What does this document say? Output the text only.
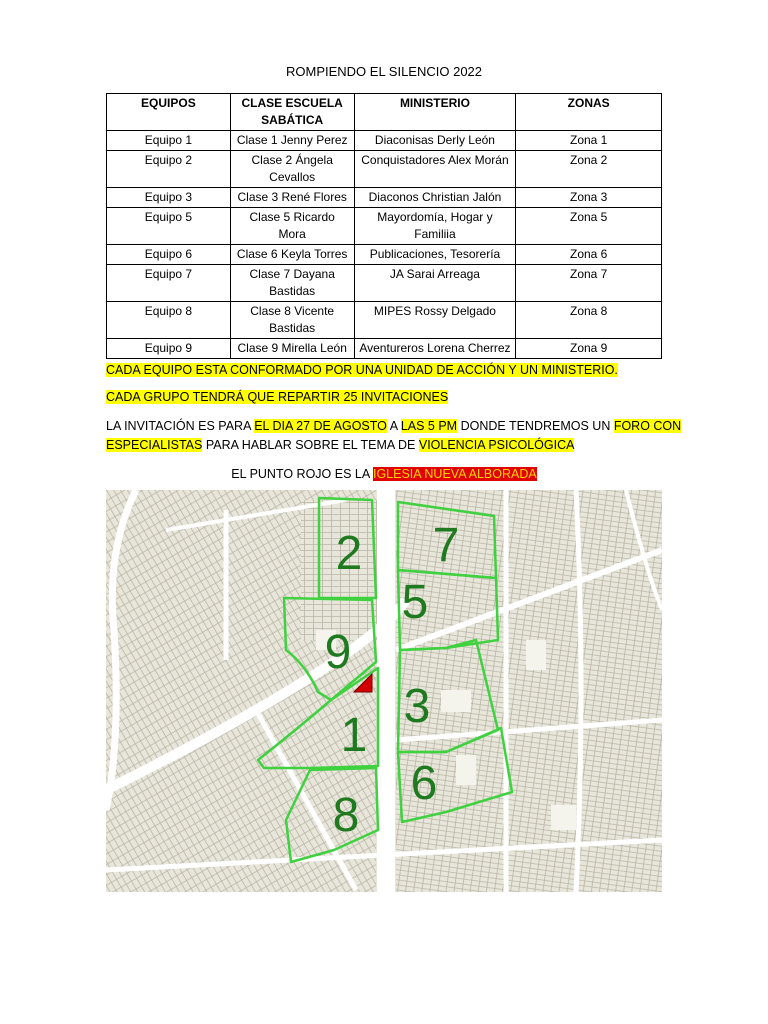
ROMPIENDO EL SILENCIO 2022
EQUIPOS	CLASE ESCUELA SABÁTICA	MINISTERIO	ZONAS
Equipo 1	Clase 1 Jenny Perez	Diaconisas Derly León	Zona 1
Equipo 2	Clase 2 Ángela Cevallos	Conquistadores Alex Morán	Zona 2
Equipo 3	Clase 3 René Flores	Diaconos Christian Jalón	Zona 3
Equipo 5	Clase 5 Ricardo Mora	Mayordomía, Hogar y Familiia	Zona 5
Equipo 6	Clase 6 Keyla Torres	Publicaciones, Tesorería	Zona 6
Equipo 7	Clase 7 Dayana Bastidas	JA Sarai Arreaga	Zona 7
Equipo 8	Clase 8 Vicente Bastidas	MIPES Rossy Delgado	Zona 8
Equipo 9	Clase 9 Mirella León	Aventureros Lorena Cherrez	Zona 9
CADA EQUIPO ESTA CONFORMADO POR UNA UNIDAD DE ACCIÓN Y UN MINISTERIO.
CADA GRUPO TENDRÁ QUE REPARTIR 25 INVITACIONES
LA INVITACIÓN ES PARA EL DIA 27 DE AGOSTO A LAS 5 PM DONDE TENDREMOS UN FORO CON
ESPECIALISTAS PARA HABLAR SOBRE EL TEMA DE VIOLENCIA PSICOLÓGICA
EL PUNTO ROJO ES LA IGLESIA NUEVA ALBORADA
2 7
5
9
3
1
6
8
